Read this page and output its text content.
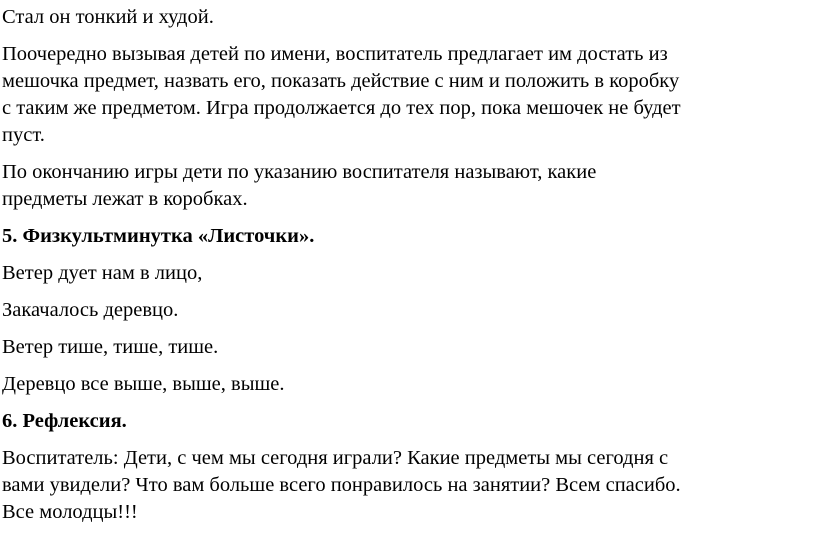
Стал он тонкий и худой.

Поочередно вызывая детей по имени, воспитатель предлагает им достать из
мешочка предмет, назвать его, показать действие с ним и положить в коробку
с таким же предметом. Игра продолжается до тех пор, пока мешочек не будет
пуст.

По окончанию игры дети по указанию воспитателя называют, какие
предметы лежат в коробках.

5. Физкультминутка «Листочки».

Ветер дует нам в лицо,

Закачалось деревцо.

Ветер тише, тише, тише.

Деревцо все выше, выше, выше.

6. Рефлексия.

Воспитатель: Дети, с чем мы сегодня играли? Какие предметы мы сегодня с
вами увидели? Что вам больше всего понравилось на занятии? Всем спасибо.
Все молодцы!!!
